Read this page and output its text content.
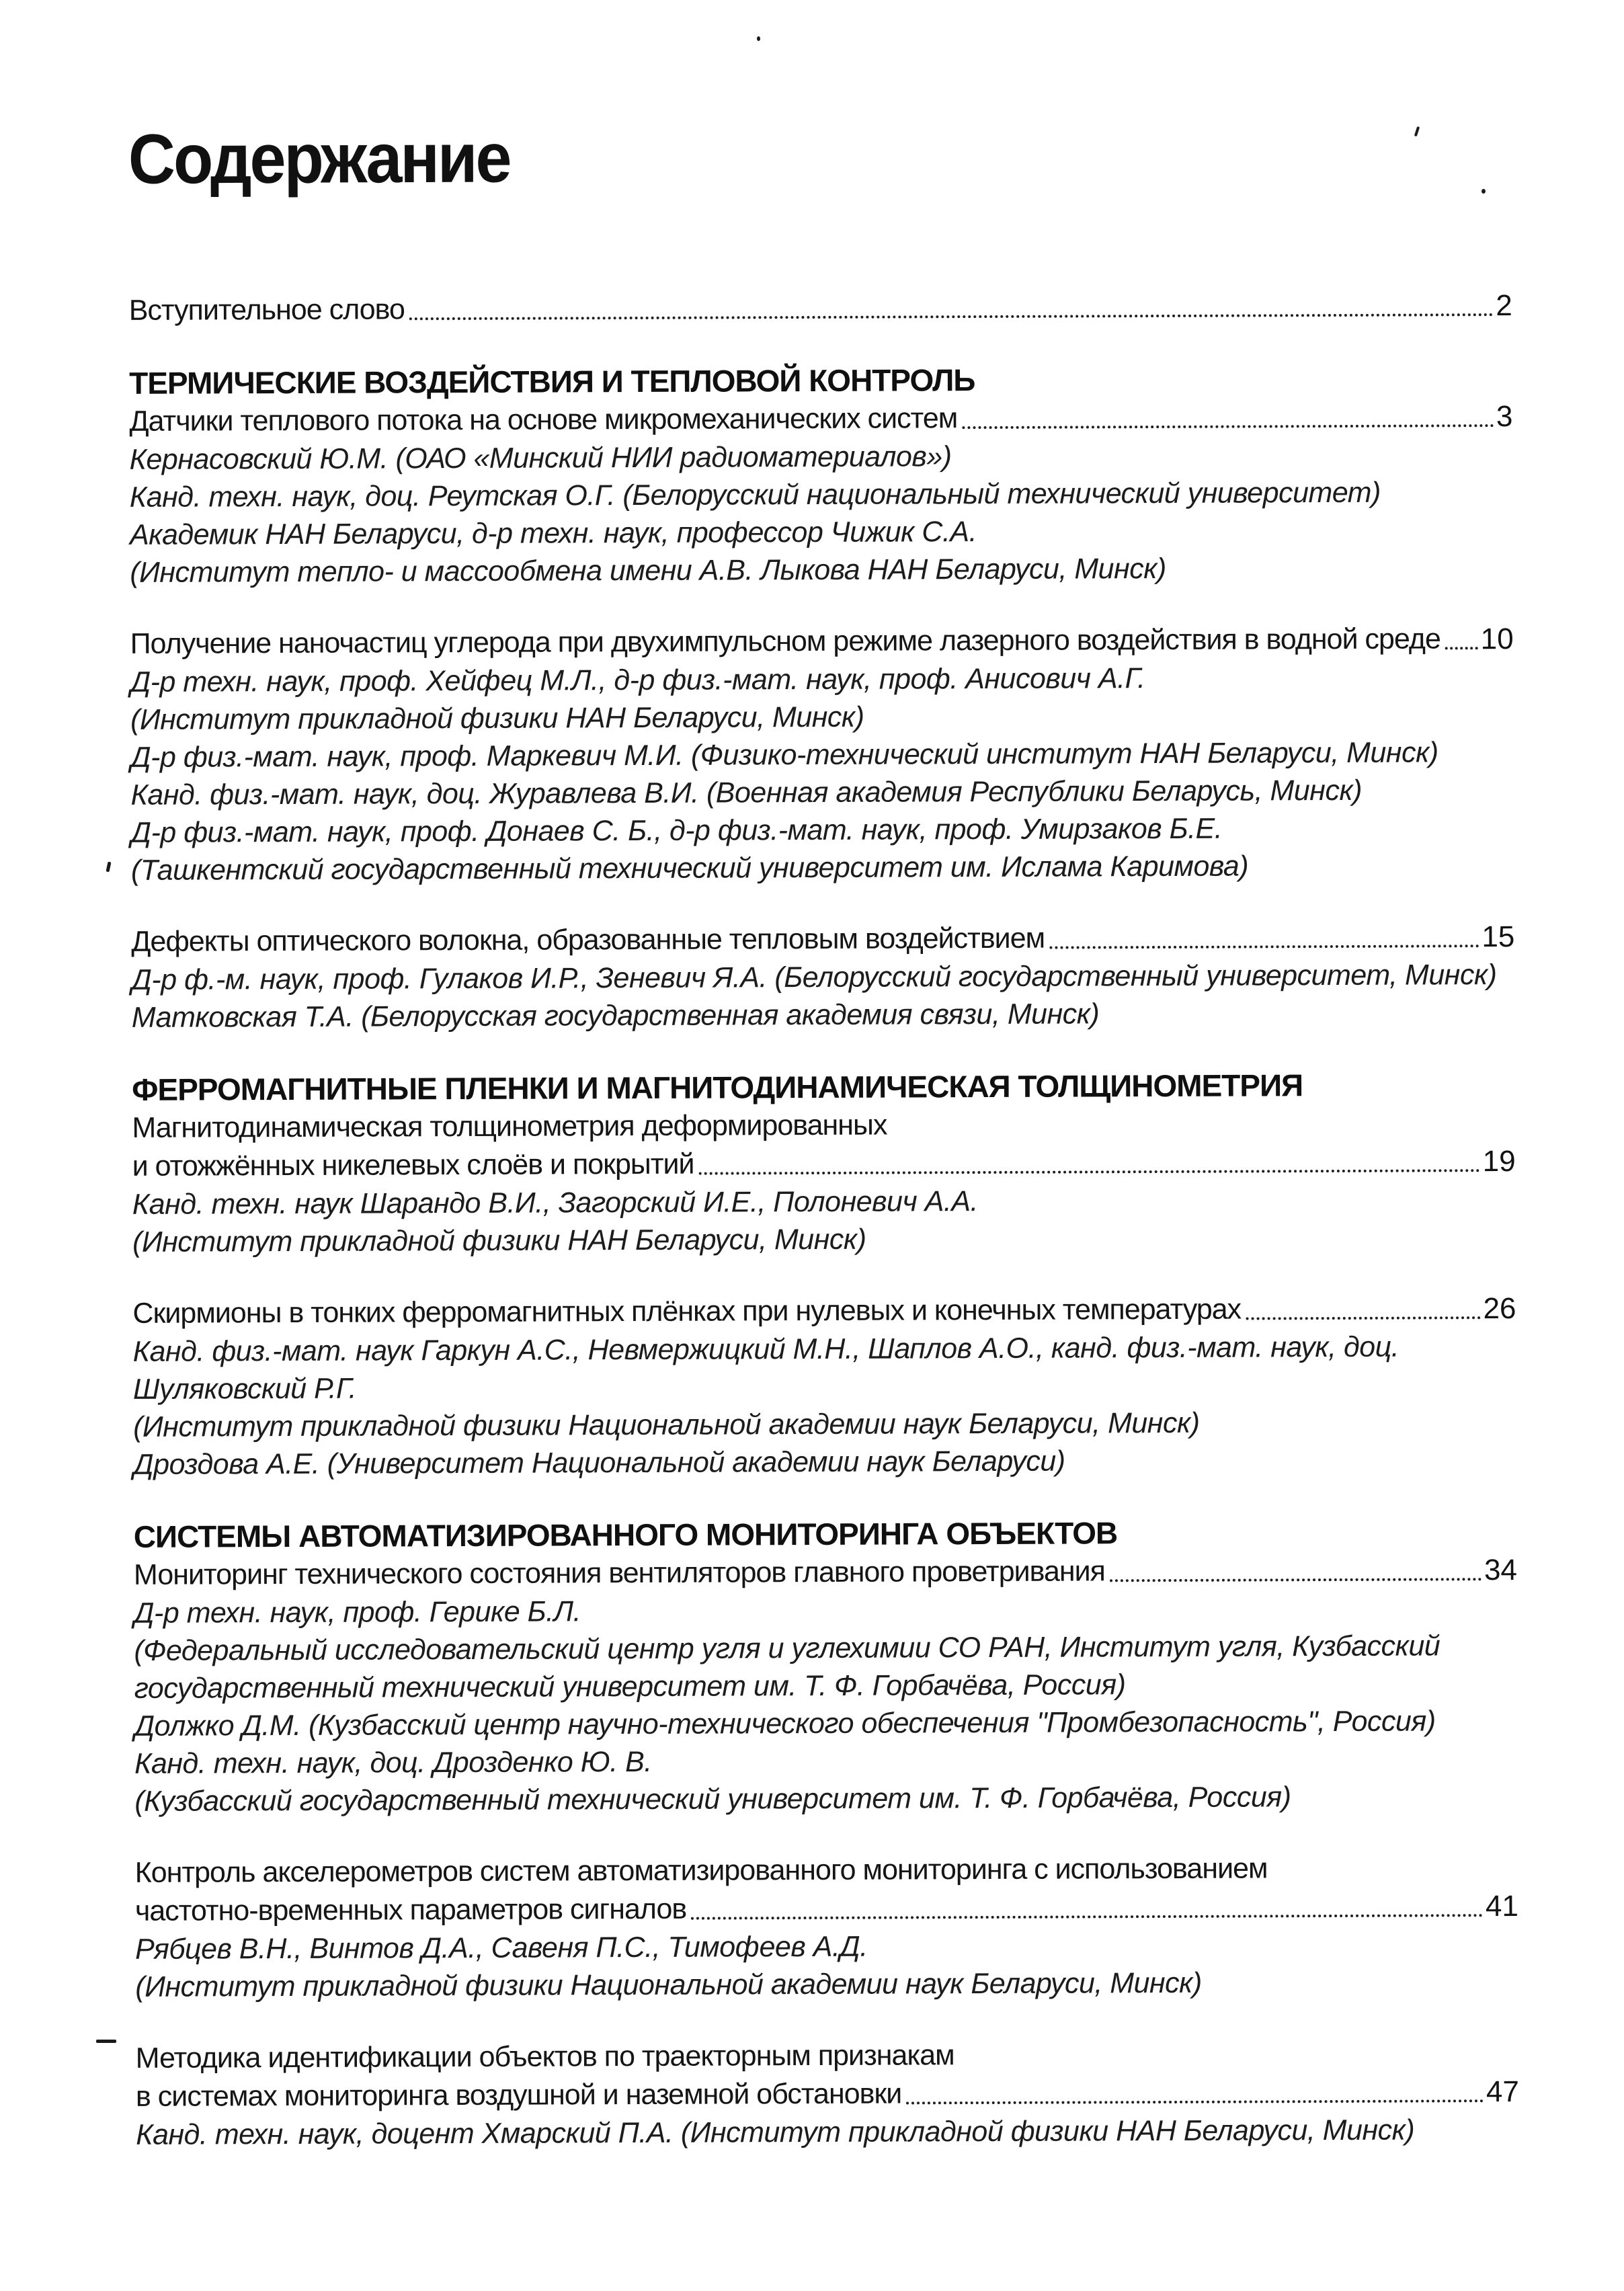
Содержание
Вступительное слово	2
ТЕРМИЧЕСКИЕ ВОЗДЕЙСТВИЯ И ТЕПЛОВОЙ КОНТРОЛЬ
Датчики теплового потока на основе микромеханических систем	3
Кернасовский Ю.М. (ОАО «Минский НИИ радиоматериалов»)
Канд. техн. наук, доц. Реутская О.Г. (Белорусский национальный технический университет)
Академик НАН Беларуси, д-р техн. наук, профессор Чижик С.А.
(Институт тепло- и массообмена имени А.В. Лыкова НАН Беларуси, Минск)
Получение наночастиц углерода при двухимпульсном режиме лазерного воздействия в водной среде 10
Д-р техн. наук, проф. Хейфец М.Л., д-р физ.-мат. наук, проф. Анисович А.Г.
(Институт прикладной физики НАН Беларуси, Минск)
Д-р физ.-мат. наук, проф. Маркевич М.И. (Физико-технический институт НАН Беларуси, Минск)
Канд. физ.-мат. наук, доц. Журавлева В.И. (Военная академия Республики Беларусь, Минск)
Д-р физ.-мат. наук, проф. Донаев С. Б., д-р физ.-мат. наук, проф. Умирзаков Б.Е.
(Ташкентский государственный технический университет им. Ислама Каримова)
Дефекты оптического волокна, образованные тепловым воздействием	15
Д-р ф.-м. наук, проф. Гулаков И.Р., Зеневич Я.А. (Белорусский государственный университет, Минск)
Матковская Т.А. (Белорусская государственная академия связи, Минск)
ФЕРРОМАГНИТНЫЕ ПЛЕНКИ И МАГНИТОДИНАМИЧЕСКАЯ ТОЛЩИНОМЕТРИЯ
Магнитодинамическая толщинометрия деформированных
и отожжённых никелевых слоёв и покрытий	19
Канд. техн. наук Шарандо В.И., Загорский И.Е., Полоневич А.А.
(Институт прикладной физики НАН Беларуси, Минск)
Скирмионы в тонких ферромагнитных плёнках при нулевых и конечных температурах	26
Канд. физ.-мат. наук Гаркун А.С., Невмержицкий М.Н., Шаплов А.О., канд. физ.-мат. наук, доц. Шуляковский Р.Г.
(Институт прикладной физики Национальной академии наук Беларуси, Минск)
Дроздова А.Е. (Университет Национальной академии наук Беларуси)
СИСТЕМЫ АВТОМАТИЗИРОВАННОГО МОНИТОРИНГА ОБЪЕКТОВ
Мониторинг технического состояния вентиляторов главного проветривания	34
Д-р техн. наук, проф. Герике Б.Л.
(Федеральный исследовательский центр угля и углехимии СО РАН, Институт угля, Кузбасский
государственный технический университет им. Т. Ф. Горбачёва, Россия)
Должко Д.М. (Кузбасский центр научно-технического обеспечения "Промбезопасность", Россия)
Канд. техн. наук, доц. Дрозденко Ю. В.
(Кузбасский государственный технический университет им. Т. Ф. Горбачёва, Россия)
Контроль акселерометров систем автоматизированного мониторинга с использованием
частотно-временных параметров сигналов	41
Рябцев В.Н., Винтов Д.А., Савеня П.С., Тимофеев А.Д.
(Институт прикладной физики Национальной академии наук Беларуси, Минск)
Методика идентификации объектов по траекторным признакам
в системах мониторинга воздушной и наземной обстановки	47
Канд. техн. наук, доцент Хмарский П.А. (Институт прикладной физики НАН Беларуси, Минск)
